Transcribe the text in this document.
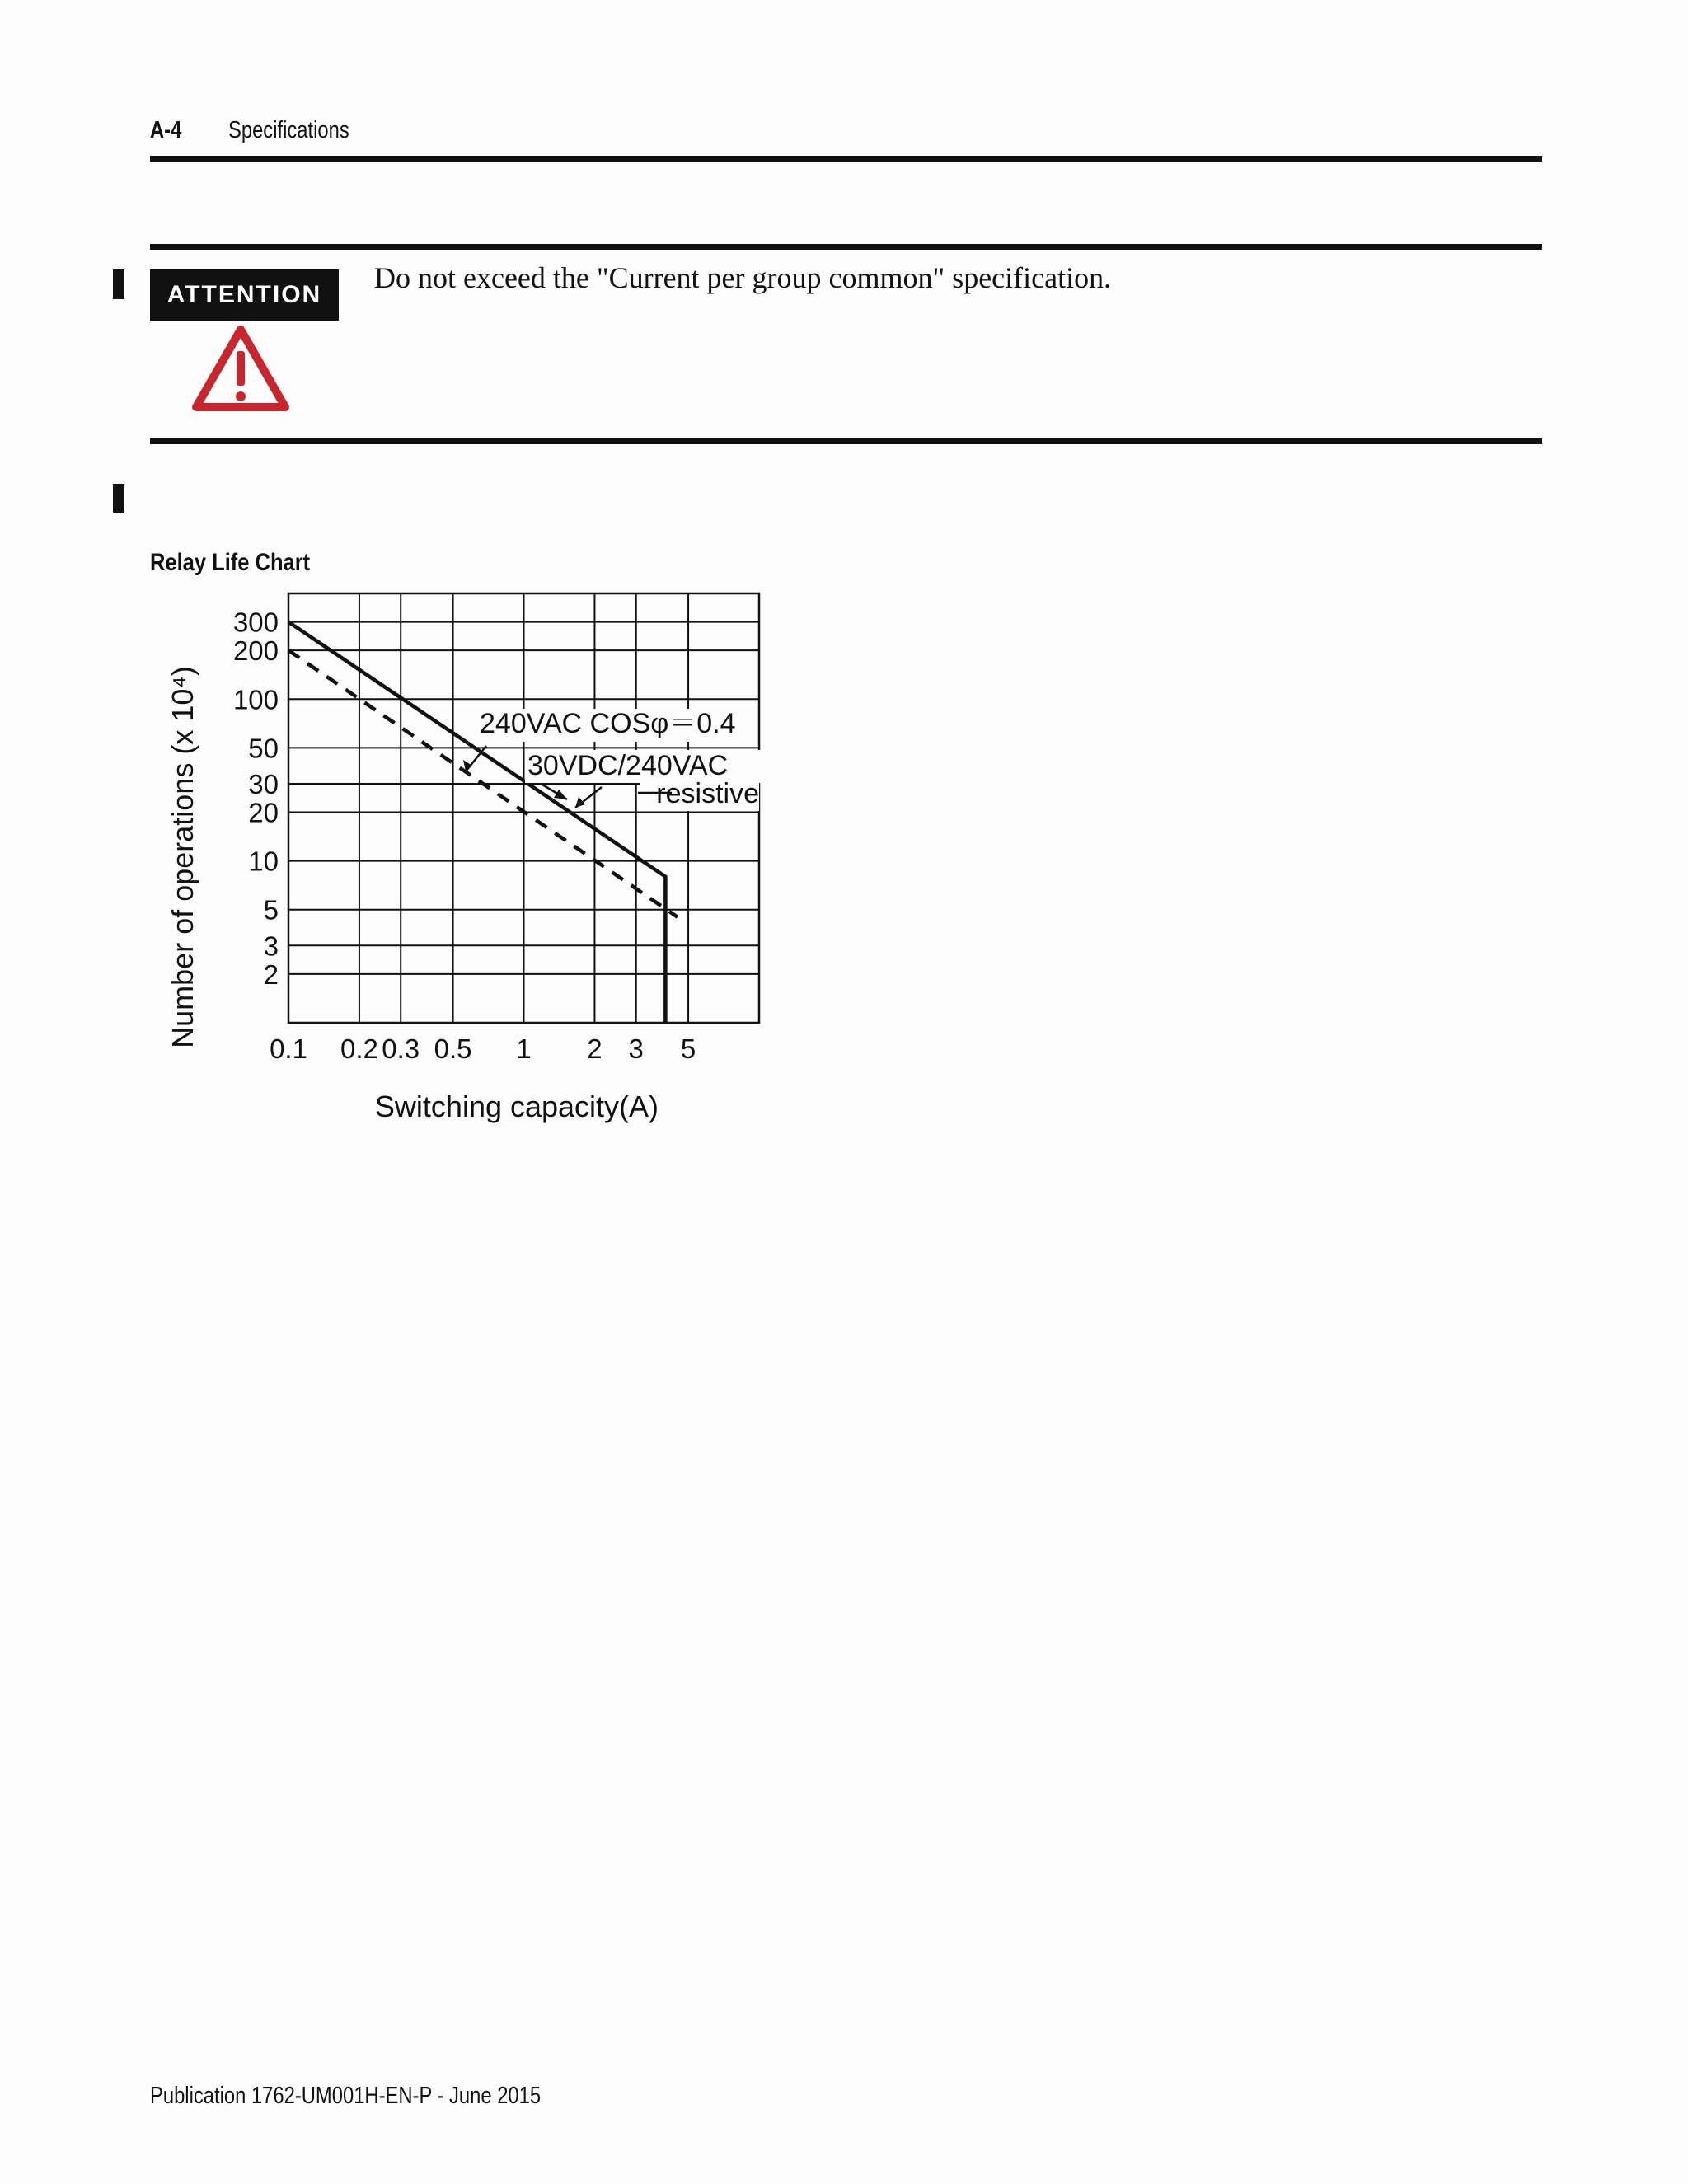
A-4 Specifications
ATTENTION
Do not exceed the "Current per group common" specification.
Relay Life Chart
240VAC COSφ＝0.4
30VDC/240VAC
resistive
0.1 0.2 0.3 0.5 1 2 3 5
300
200
100
50
30
20
10
5
3
2
Switching capacity(A)
Number of operations (x 10⁴)
Publication 1762-UM001H-EN-P - June 2015
